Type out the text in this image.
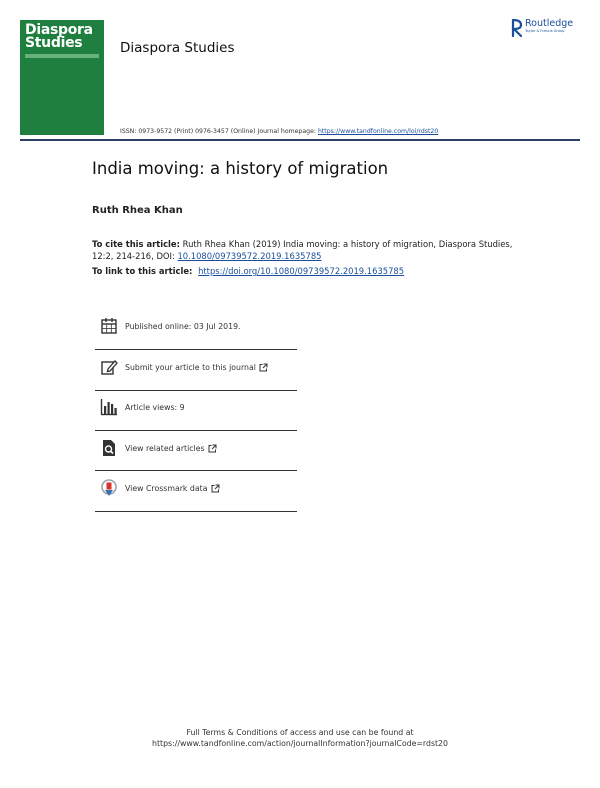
Diaspora
Studies	Diaspora Studies
Routledge
Taylor & Francis Group
ISSN: 0973-9572 (Print) 0976-3457 (Online) Journal homepage: https://www.tandfonline.com/loi/rdst20
India moving: a history of migration
Ruth Rhea Khan
To cite this article: Ruth Rhea Khan (2019) India moving: a history of migration, Diaspora Studies, 12:2, 214-216, DOI: 10.1080/09739572.2019.1635785
To link to this article: https://doi.org/10.1080/09739572.2019.1635785
Published online: 03 Jul 2019.
Submit your article to this journal
Article views: 9
View related articles
View Crossmark data
Full Terms & Conditions of access and use can be found at
https://www.tandfonline.com/action/journalInformation?journalCode=rdst20
